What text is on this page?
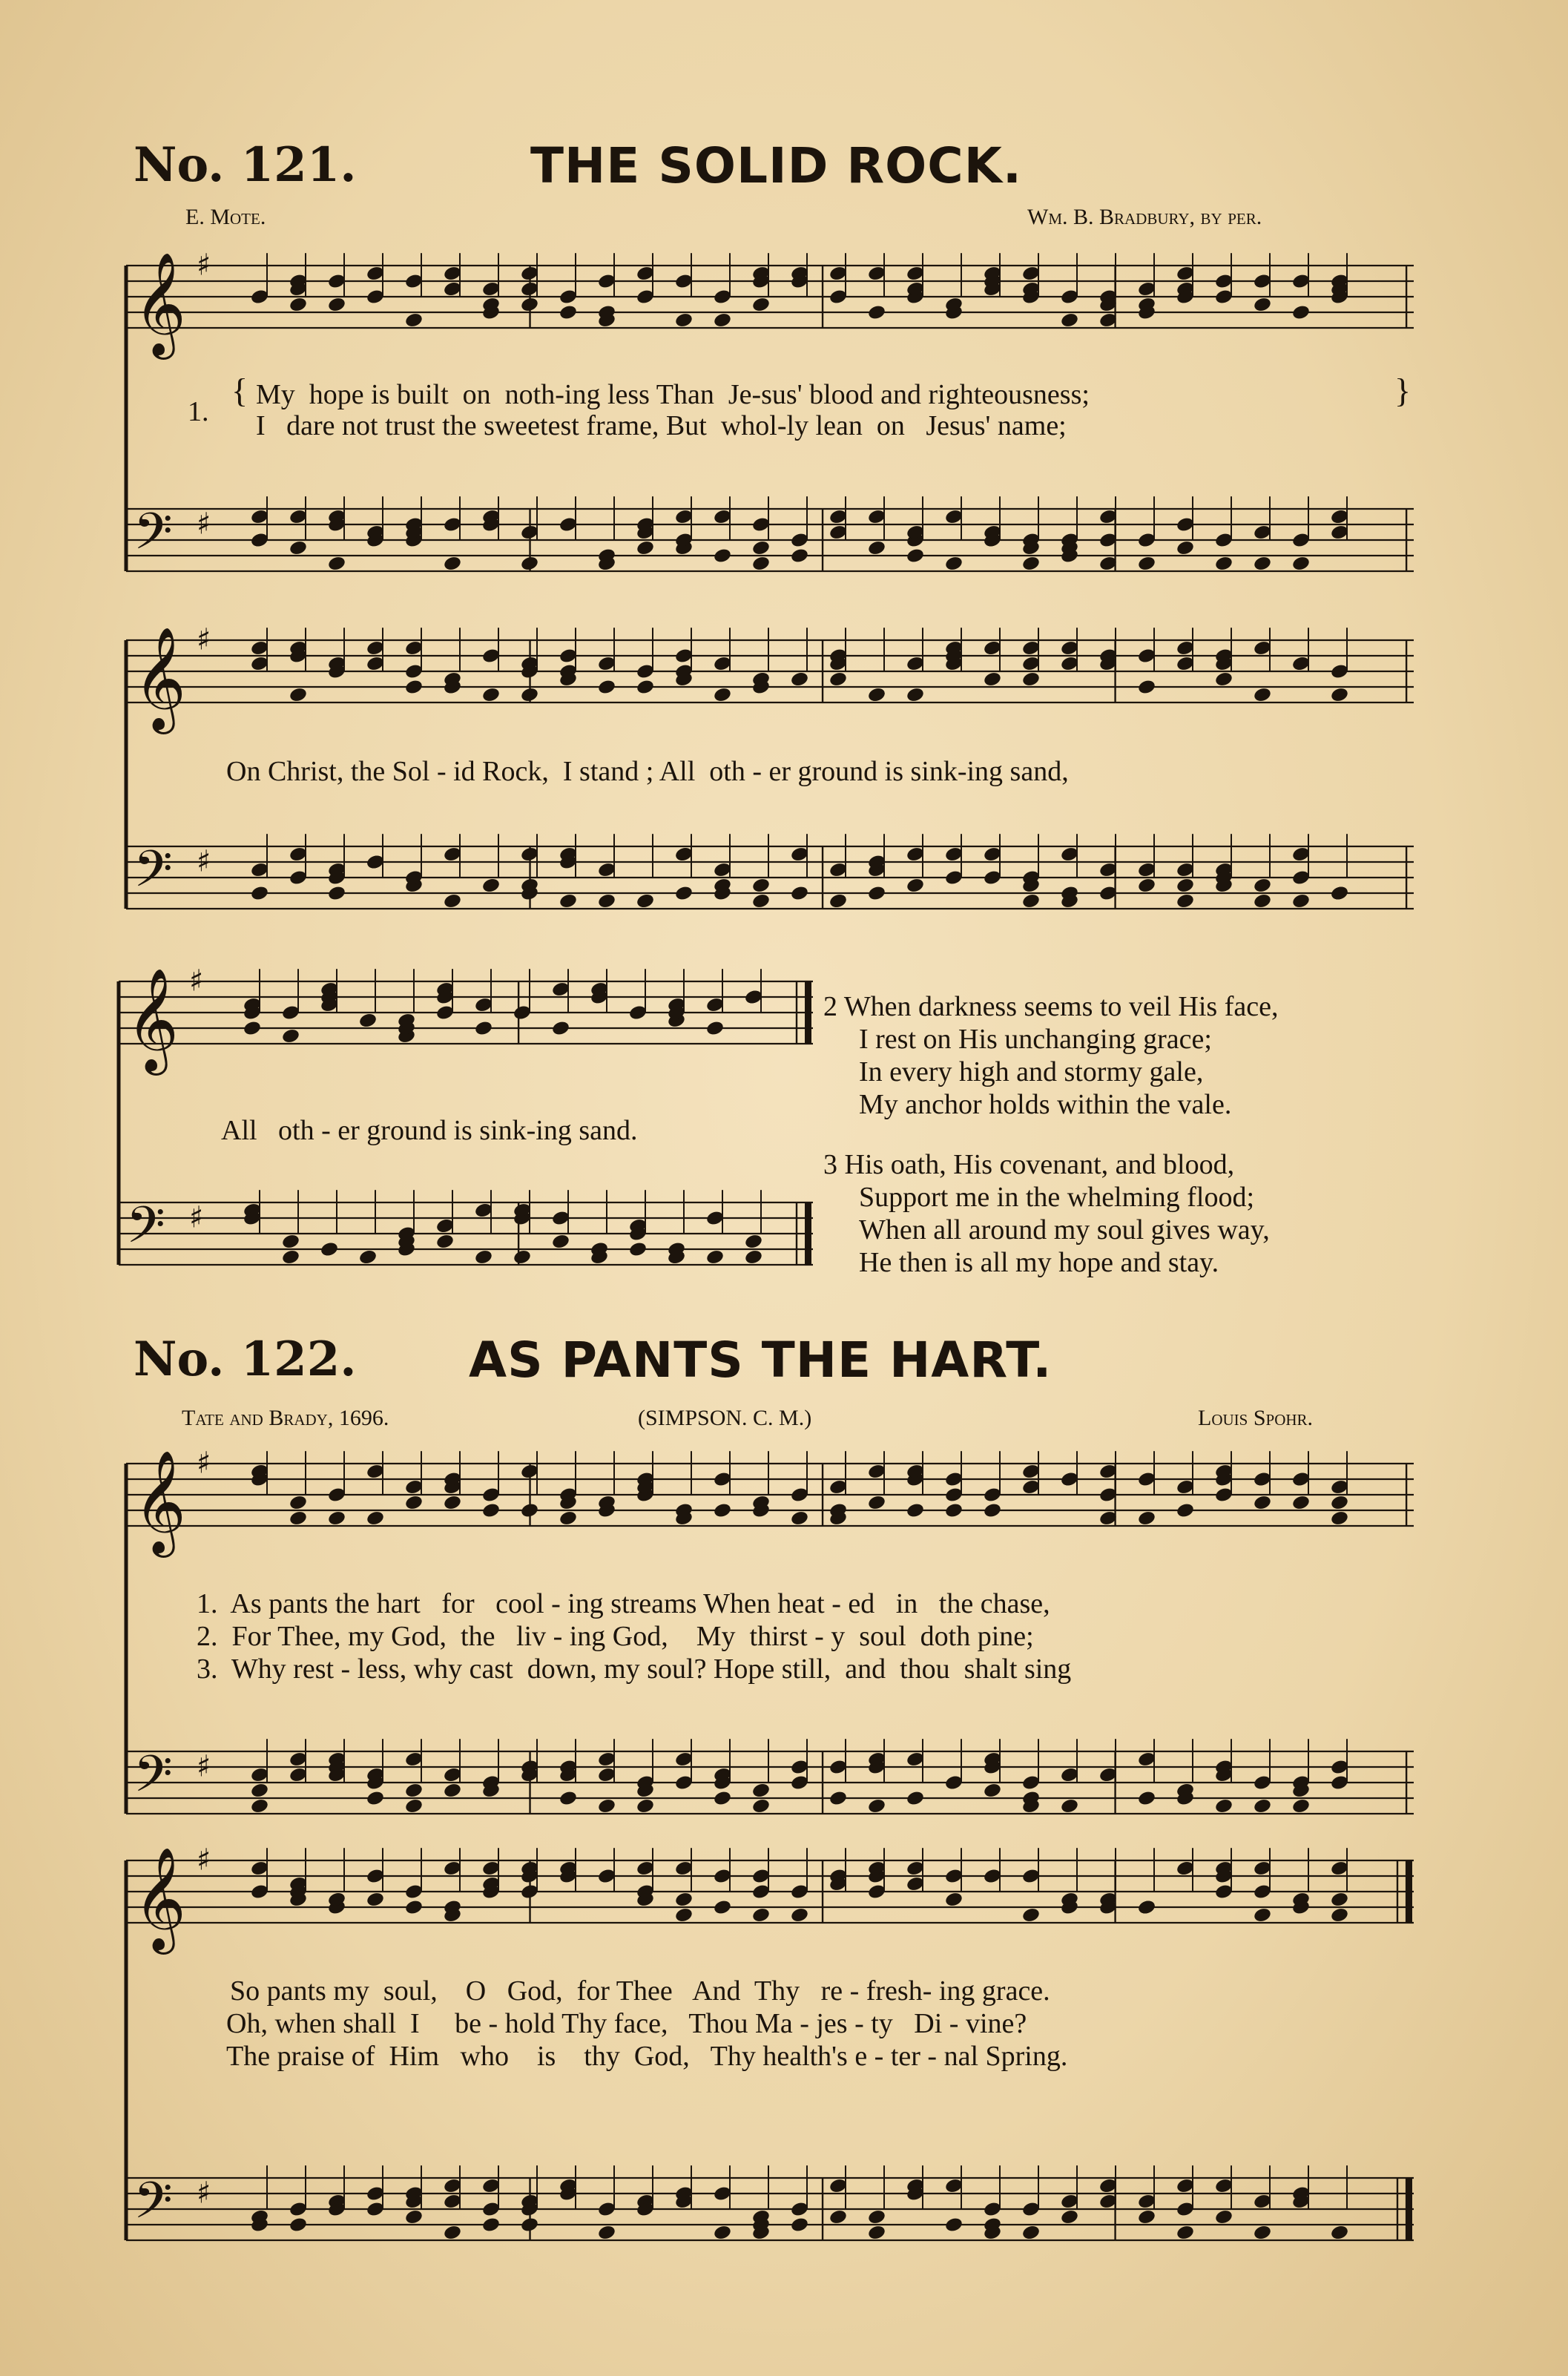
No. 121.	THE SOLID ROCK.
E. Mote.	Wm. B. Bradbury, by per.
𝄞 ♯
𝄢 ♯
1.
{ My  hope is built  on  noth-ing less Than  Je-sus' blood and righteousness;
I   dare not trust the sweetest frame, But  whol-ly lean  on   Jesus' name;
}
𝄞 ♯
𝄢 ♯
On Christ, the Sol - id Rock,  I stand ; All  oth - er ground is sink-ing sand,
𝄞 ♯
𝄢 ♯
All   oth - er ground is sink-ing sand.
2 When darkness seems to veil His face,
I rest on His unchanging grace;
In every high and stormy gale,
My anchor holds within the vale.
3 His oath, His covenant, and blood,
Support me in the whelming flood;
When all around my soul gives way,
He then is all my hope and stay.
No. 122. AS PANTS THE HART.
Tate and Brady, 1696.	(SIMPSON. C. M.)	Louis Spohr.
𝄞 ♯
𝄢 ♯
1.  As pants the hart   for   cool - ing streams When heat - ed   in   the chase,
2.  For Thee, my God,  the   liv - ing God,    My  thirst - y  soul  doth pine;
3.  Why rest - less, why cast  down, my soul? Hope still,  and  thou  shalt sing
𝄞 ♯
𝄢 ♯
So pants my  soul,    O   God,  for Thee   And  Thy   re - fresh- ing grace.
Oh, when shall  I     be - hold Thy face,   Thou Ma - jes - ty   Di - vine?
The praise of  Him   who    is    thy  God,   Thy health's e - ter - nal Spring.
